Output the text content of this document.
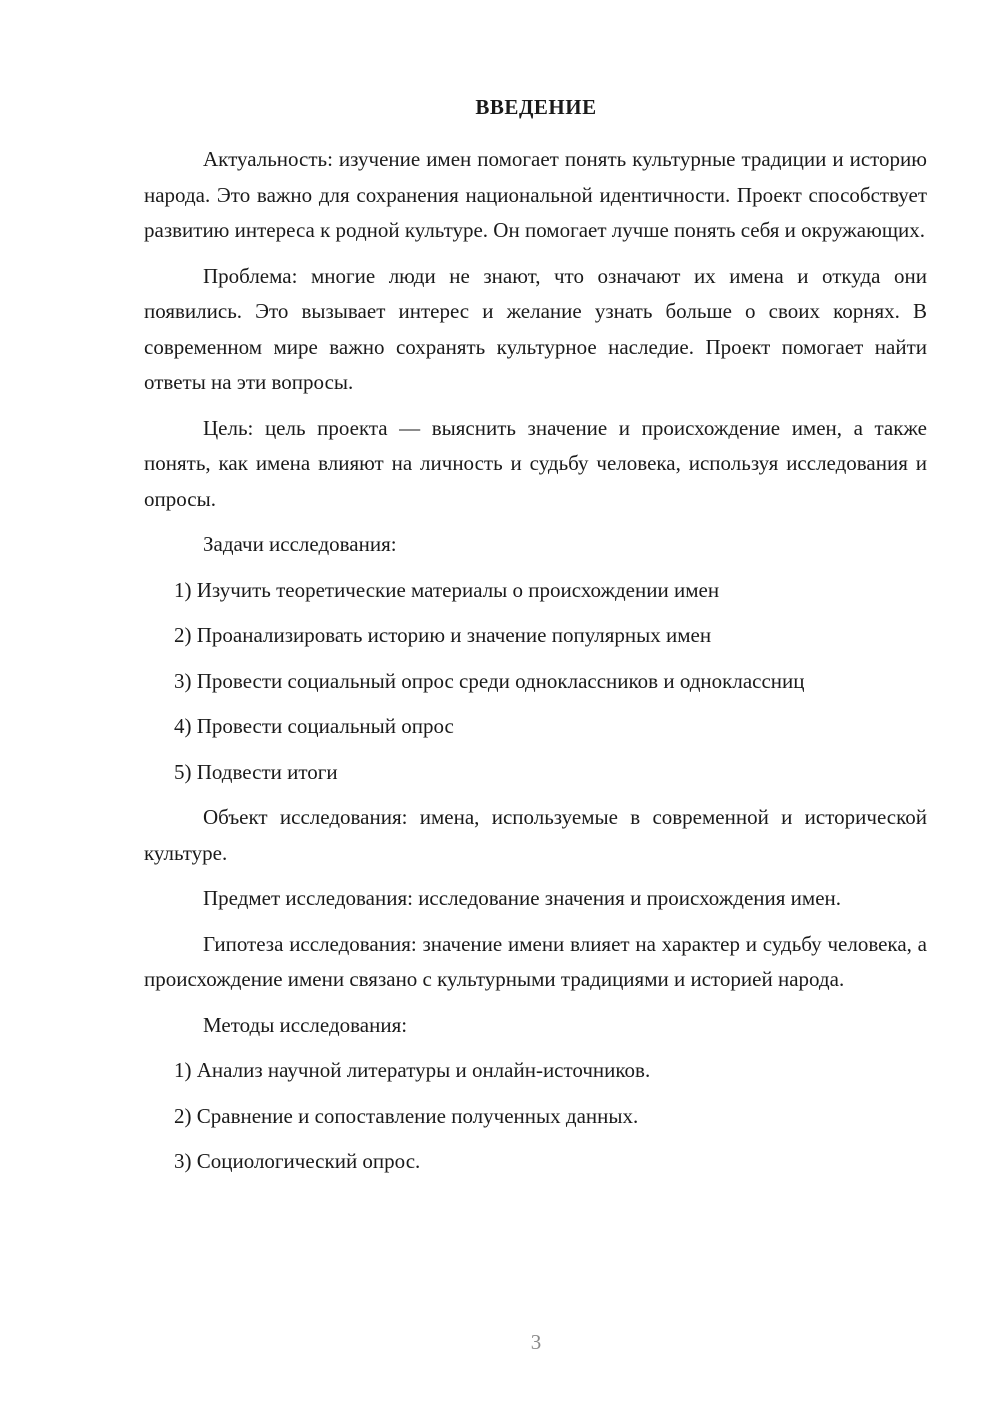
ВВЕДЕНИЕ

Актуальность: изучение имен помогает понять культурные традиции и историю народа. Это важно для сохранения национальной идентичности. Проект способствует развитию интереса к родной культуре. Он помогает лучше понять себя и окружающих.

Проблема: многие люди не знают, что означают их имена и откуда они появились. Это вызывает интерес и желание узнать больше о своих корнях. В современном мире важно сохранять культурное наследие. Проект помогает найти ответы на эти вопросы.

Цель: цель проекта — выяснить значение и происхождение имен, а также понять, как имена влияют на личность и судьбу человека, используя исследования и опросы.

Задачи исследования:

1) Изучить теоретические материалы о происхождении имен

2) Проанализировать историю и значение популярных имен

3) Провести социальный опрос среди одноклассников и одноклассниц

4) Провести социальный опрос

5) Подвести итоги

Объект исследования: имена, используемые в современной и исторической культуре.

Предмет исследования: исследование значения и происхождения имен.

Гипотеза исследования: значение имени влияет на характер и судьбу человека, а происхождение имени связано с культурными традициями и историей народа.

Методы исследования:

1) Анализ научной литературы и онлайн-источников.

2) Сравнение и сопоставление полученных данных.

3) Социологический опрос.

3
